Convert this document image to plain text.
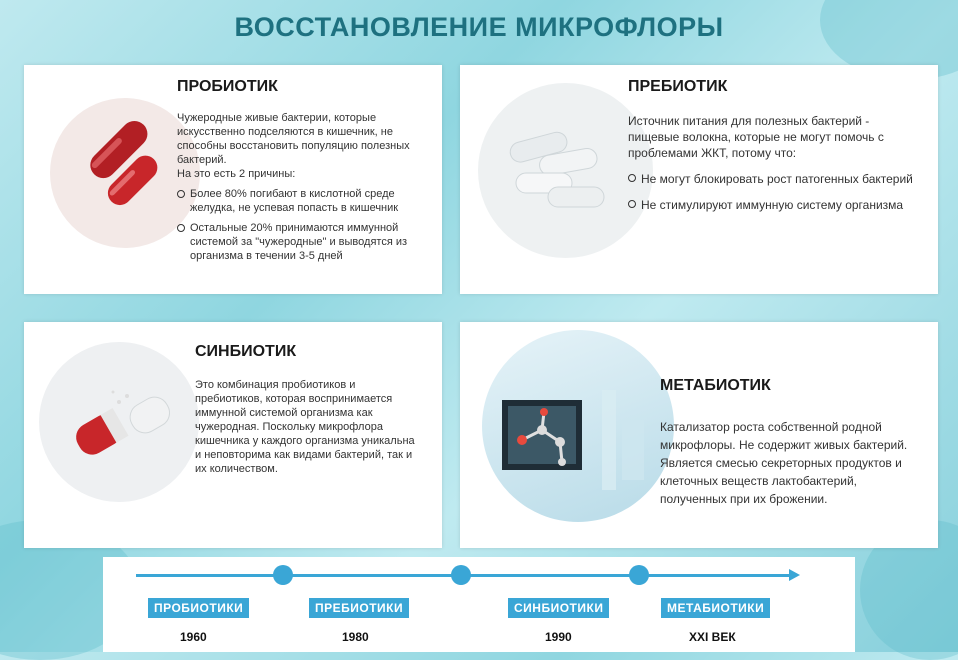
ВОССТАНОВЛЕНИЕ МИКРОФЛОРЫ
ПРОБИОТИК

Чужеродные живые бактерии, которые искусственно подселяются в кишечник, не способны восстановить популяцию полезных бактерий.

На это есть 2 причины:

Более 80% погибают в кислотной среде желудка, не успевая попасть в кишечник
Остальные 20% принимаются иммунной системой за "чужеродные" и выводятся из организма в течении 3-5 дней
ПРЕБИОТИК

Источник питания для полезных бактерий - пищевые волокна, которые не могут помочь с проблемами ЖКТ, потому что:

Не могут блокировать рост патогенных бактерий
Не стимулируют иммунную систему организма
СИНБИОТИК

Это комбинация пробиотиков и пребиотиков, которая воспринимается иммунной системой организма как чужеродная. Поскольку микрофлора кишечника у каждого организма уникальна и неповторима как видами бактерий, так и их количеством.

МЕТАБИОТИК

Катализатор роста собственной родной микрофлоры. Не содержит живых бактерий. Является смесью секреторных продуктов и клеточных веществ лактобактерий, полученных при их брожении.

ПРОБИОТИКИ	ПРЕБИОТИКИ	СИНБИОТИКИ	МЕТАБИОТИКИ
1960	1980	1990	XXI ВЕК
